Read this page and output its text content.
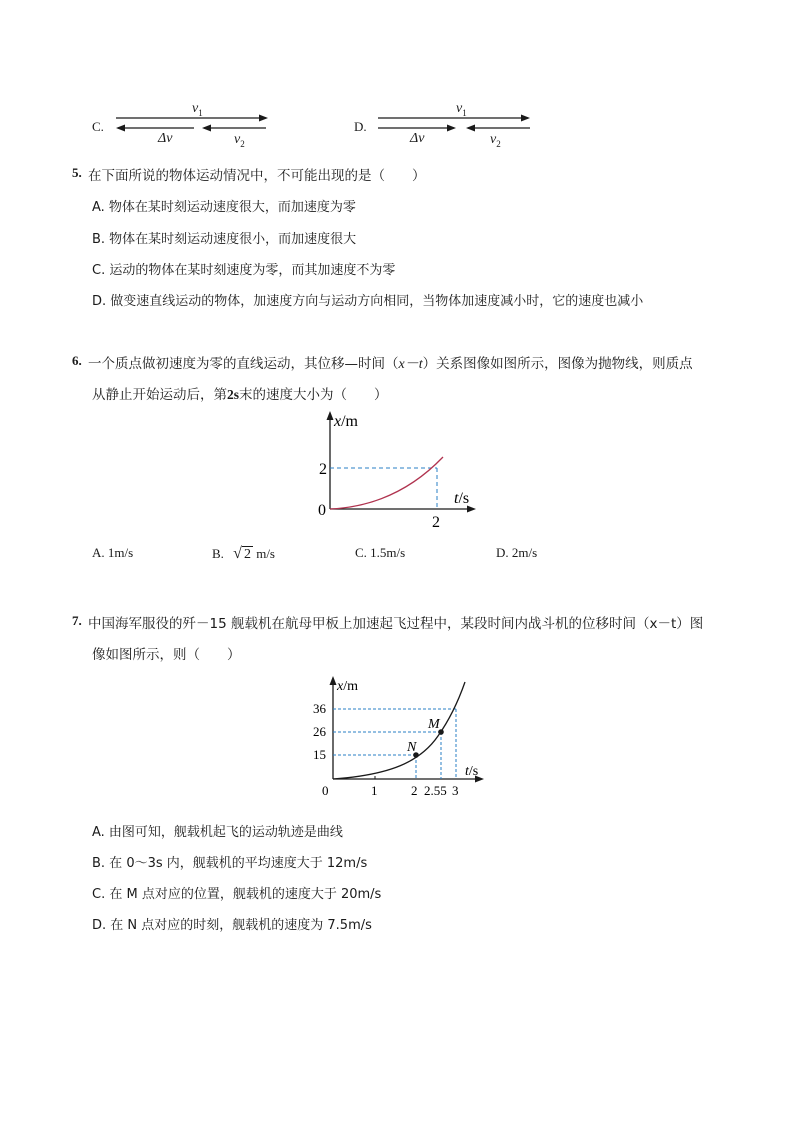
C.
$v_1$
Δv	$v_2$
D.
$v_1$
Δv	$v_2$
5. 在下面所说的物体运动情况中，不可能出现的是（　　）
A. 物体在某时刻运动速度很大，而加速度为零
B. 物体在某时刻运动速度很小，而加速度很大
C. 运动的物体在某时刻速度为零，而其加速度不为零
D. 做变速直线运动的物体，加速度方向与运动方向相同，当物体加速度减小时，它的速度也减小
6. 一个质点做初速度为零的直线运动，其位移—时间（x－t）关系图像如图所示，图像为抛物线，则质点
从静止开始运动后，第2s末的速度大小为（　　）
x/m
t/s
0
2
2
A. 1m/s	B. √ 2 m/s	C. 1.5m/s	D. 2m/s
7. 中国海军服役的歼－15 舰载机在航母甲板上加速起飞过程中，某段时间内战斗机的位移时间（x－t）图
像如图所示，则（　　）
M
N
x/m
t/s
0
36
26
15
1	2 2.55 3
A. 由图可知，舰载机起飞的运动轨迹是曲线
B. 在 0～3s 内，舰载机的平均速度大于 12m/s
C. 在 M 点对应的位置，舰载机的速度大于 20m/s
D. 在 N 点对应的时刻，舰载机的速度为 7.5m/s
